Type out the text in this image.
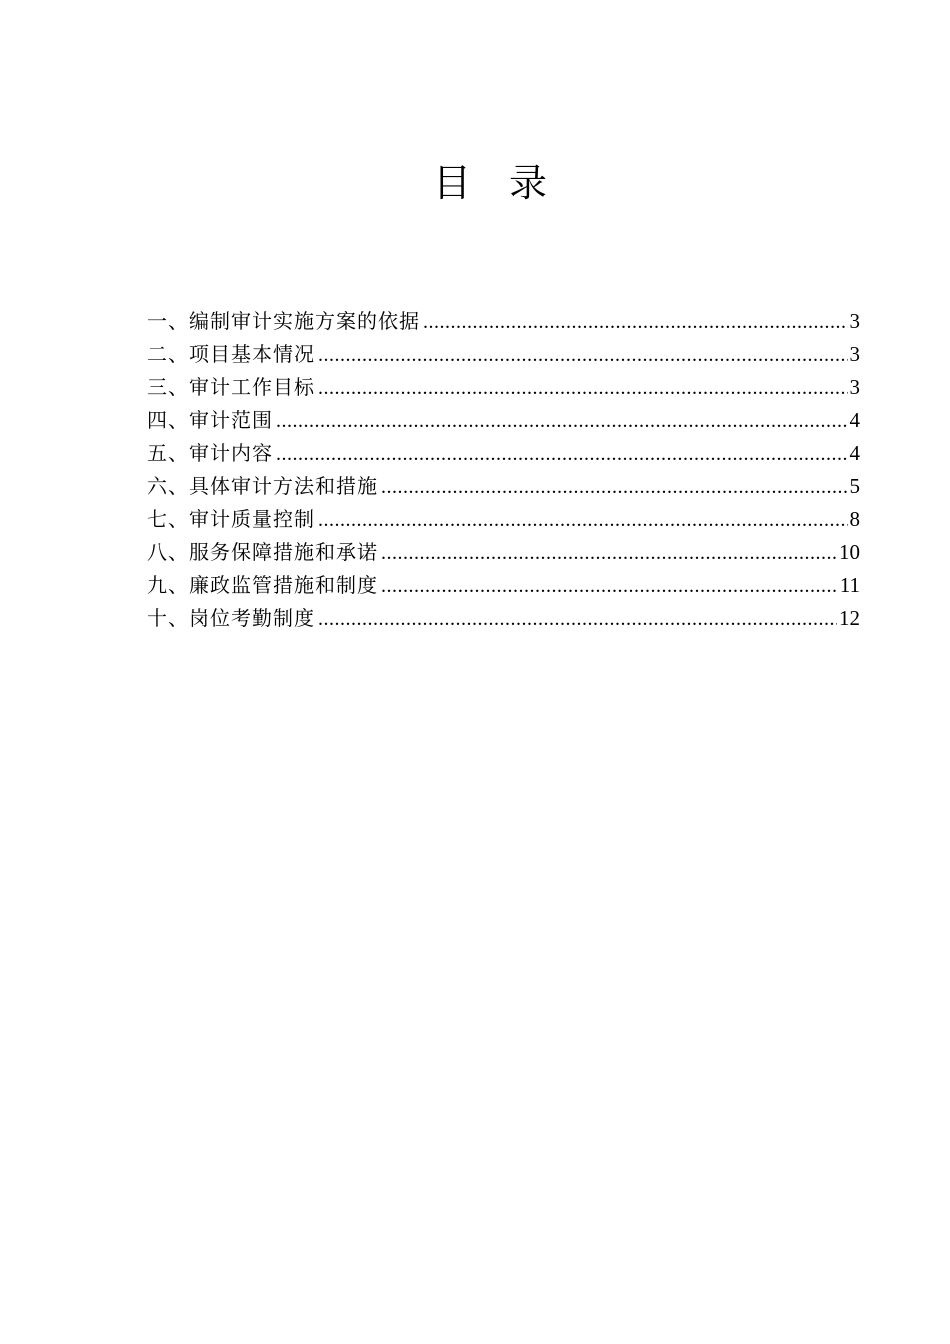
目 录
一、编制审计实施方案的依据 .....	3
二、项目基本情况 .....	3
三、审计工作目标 .....	3
四、审计范围 .....	4
五、审计内容 .....	4
六、具体审计方法和措施 .....	5
七、审计质量控制 .....	8
八、服务保障措施和承诺 .....	10
九、廉政监管措施和制度 .....	11
十、岗位考勤制度 .....	12
